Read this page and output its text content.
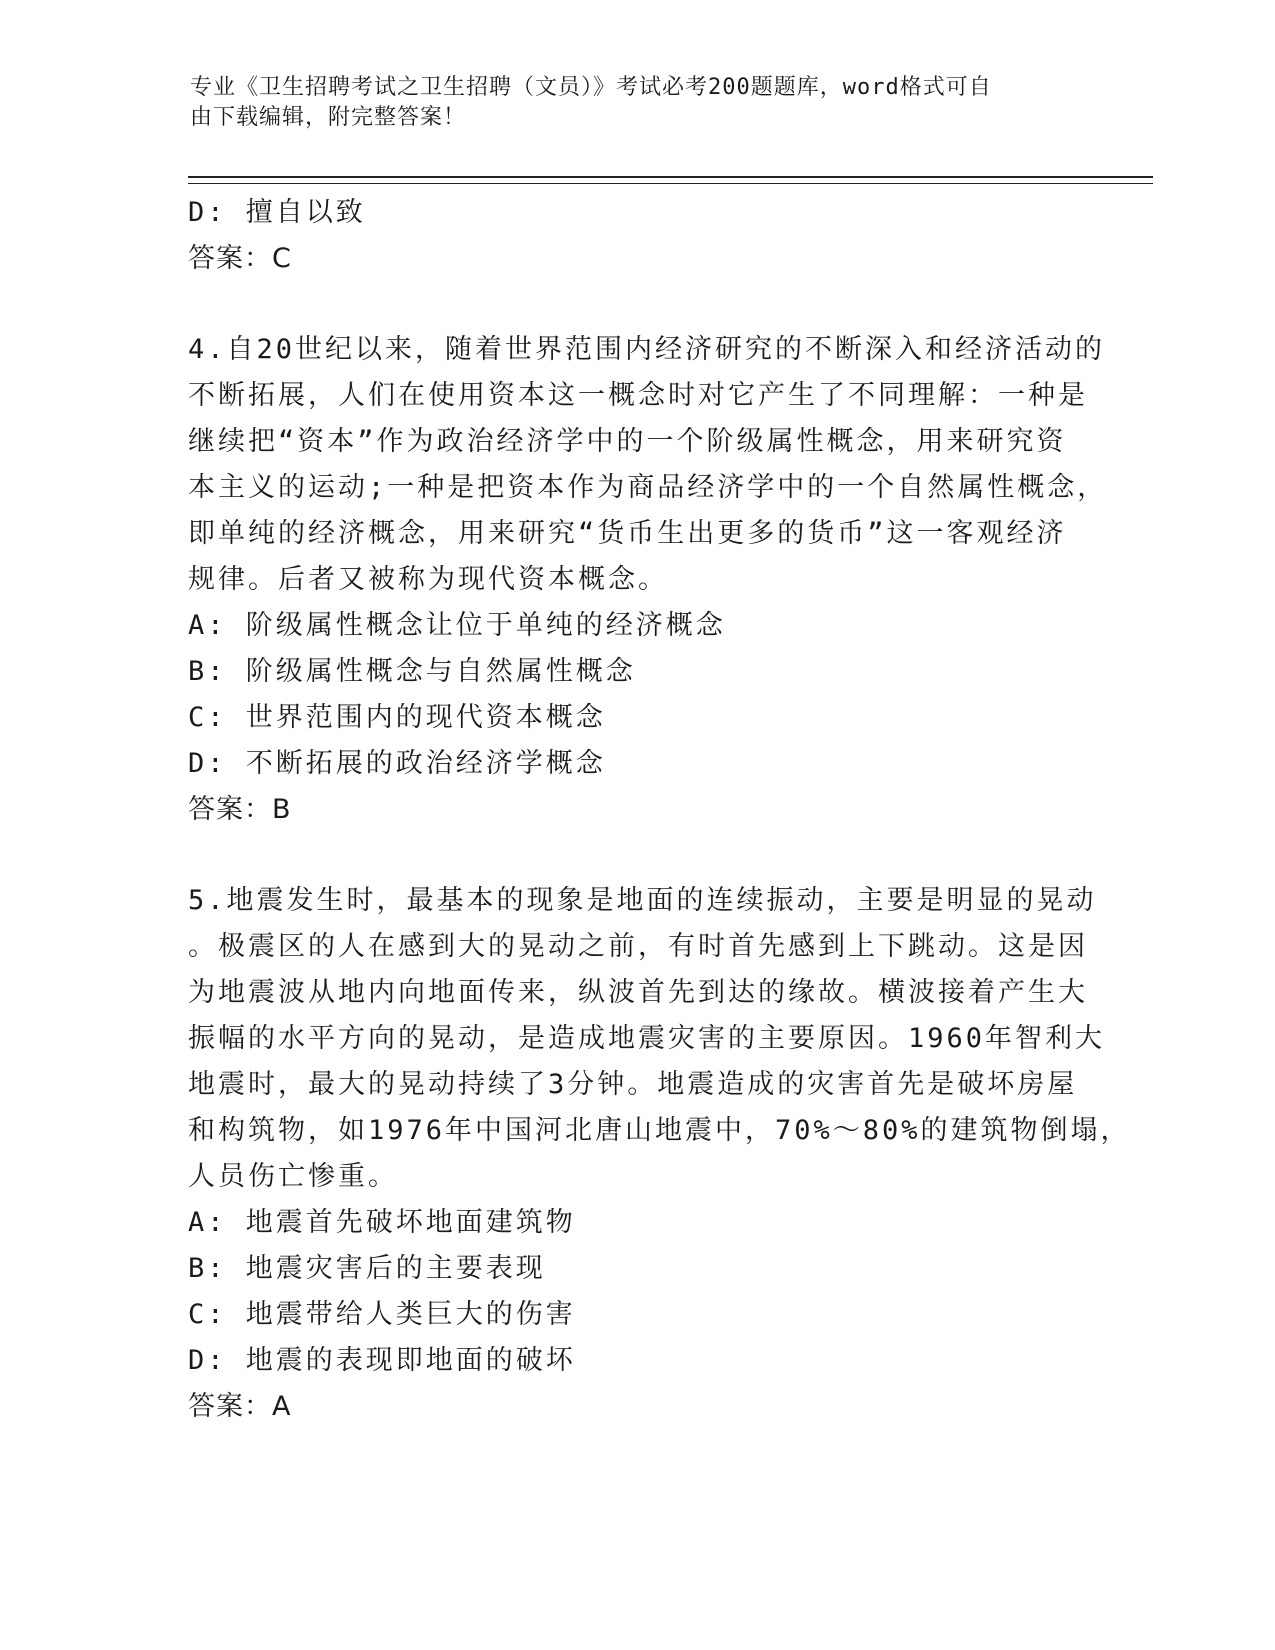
专业《卫生招聘考试之卫生招聘（文员）》考试必考200题题库，word格式可自
由下载编辑，附完整答案！
D: 擅自以致
答案：C
4.自20世纪以来，随着世界范围内经济研究的不断深入和经济活动的
不断拓展，人们在使用资本这一概念时对它产生了不同理解：一种是
继续把“资本”作为政治经济学中的一个阶级属性概念，用来研究资
本主义的运动;一种是把资本作为商品经济学中的一个自然属性概念，
即单纯的经济概念，用来研究“货币生出更多的货币”这一客观经济
规律。后者又被称为现代资本概念。
A: 阶级属性概念让位于单纯的经济概念
B: 阶级属性概念与自然属性概念
C: 世界范围内的现代资本概念
D: 不断拓展的政治经济学概念
答案：B
5.地震发生时，最基本的现象是地面的连续振动，主要是明显的晃动
。极震区的人在感到大的晃动之前，有时首先感到上下跳动。这是因
为地震波从地内向地面传来，纵波首先到达的缘故。横波接着产生大
振幅的水平方向的晃动，是造成地震灾害的主要原因。1960年智利大
地震时，最大的晃动持续了3分钟。地震造成的灾害首先是破坏房屋
和构筑物，如1976年中国河北唐山地震中，70%～80%的建筑物倒塌，
人员伤亡惨重。
A: 地震首先破坏地面建筑物
B: 地震灾害后的主要表现
C: 地震带给人类巨大的伤害
D: 地震的表现即地面的破坏
答案：A
